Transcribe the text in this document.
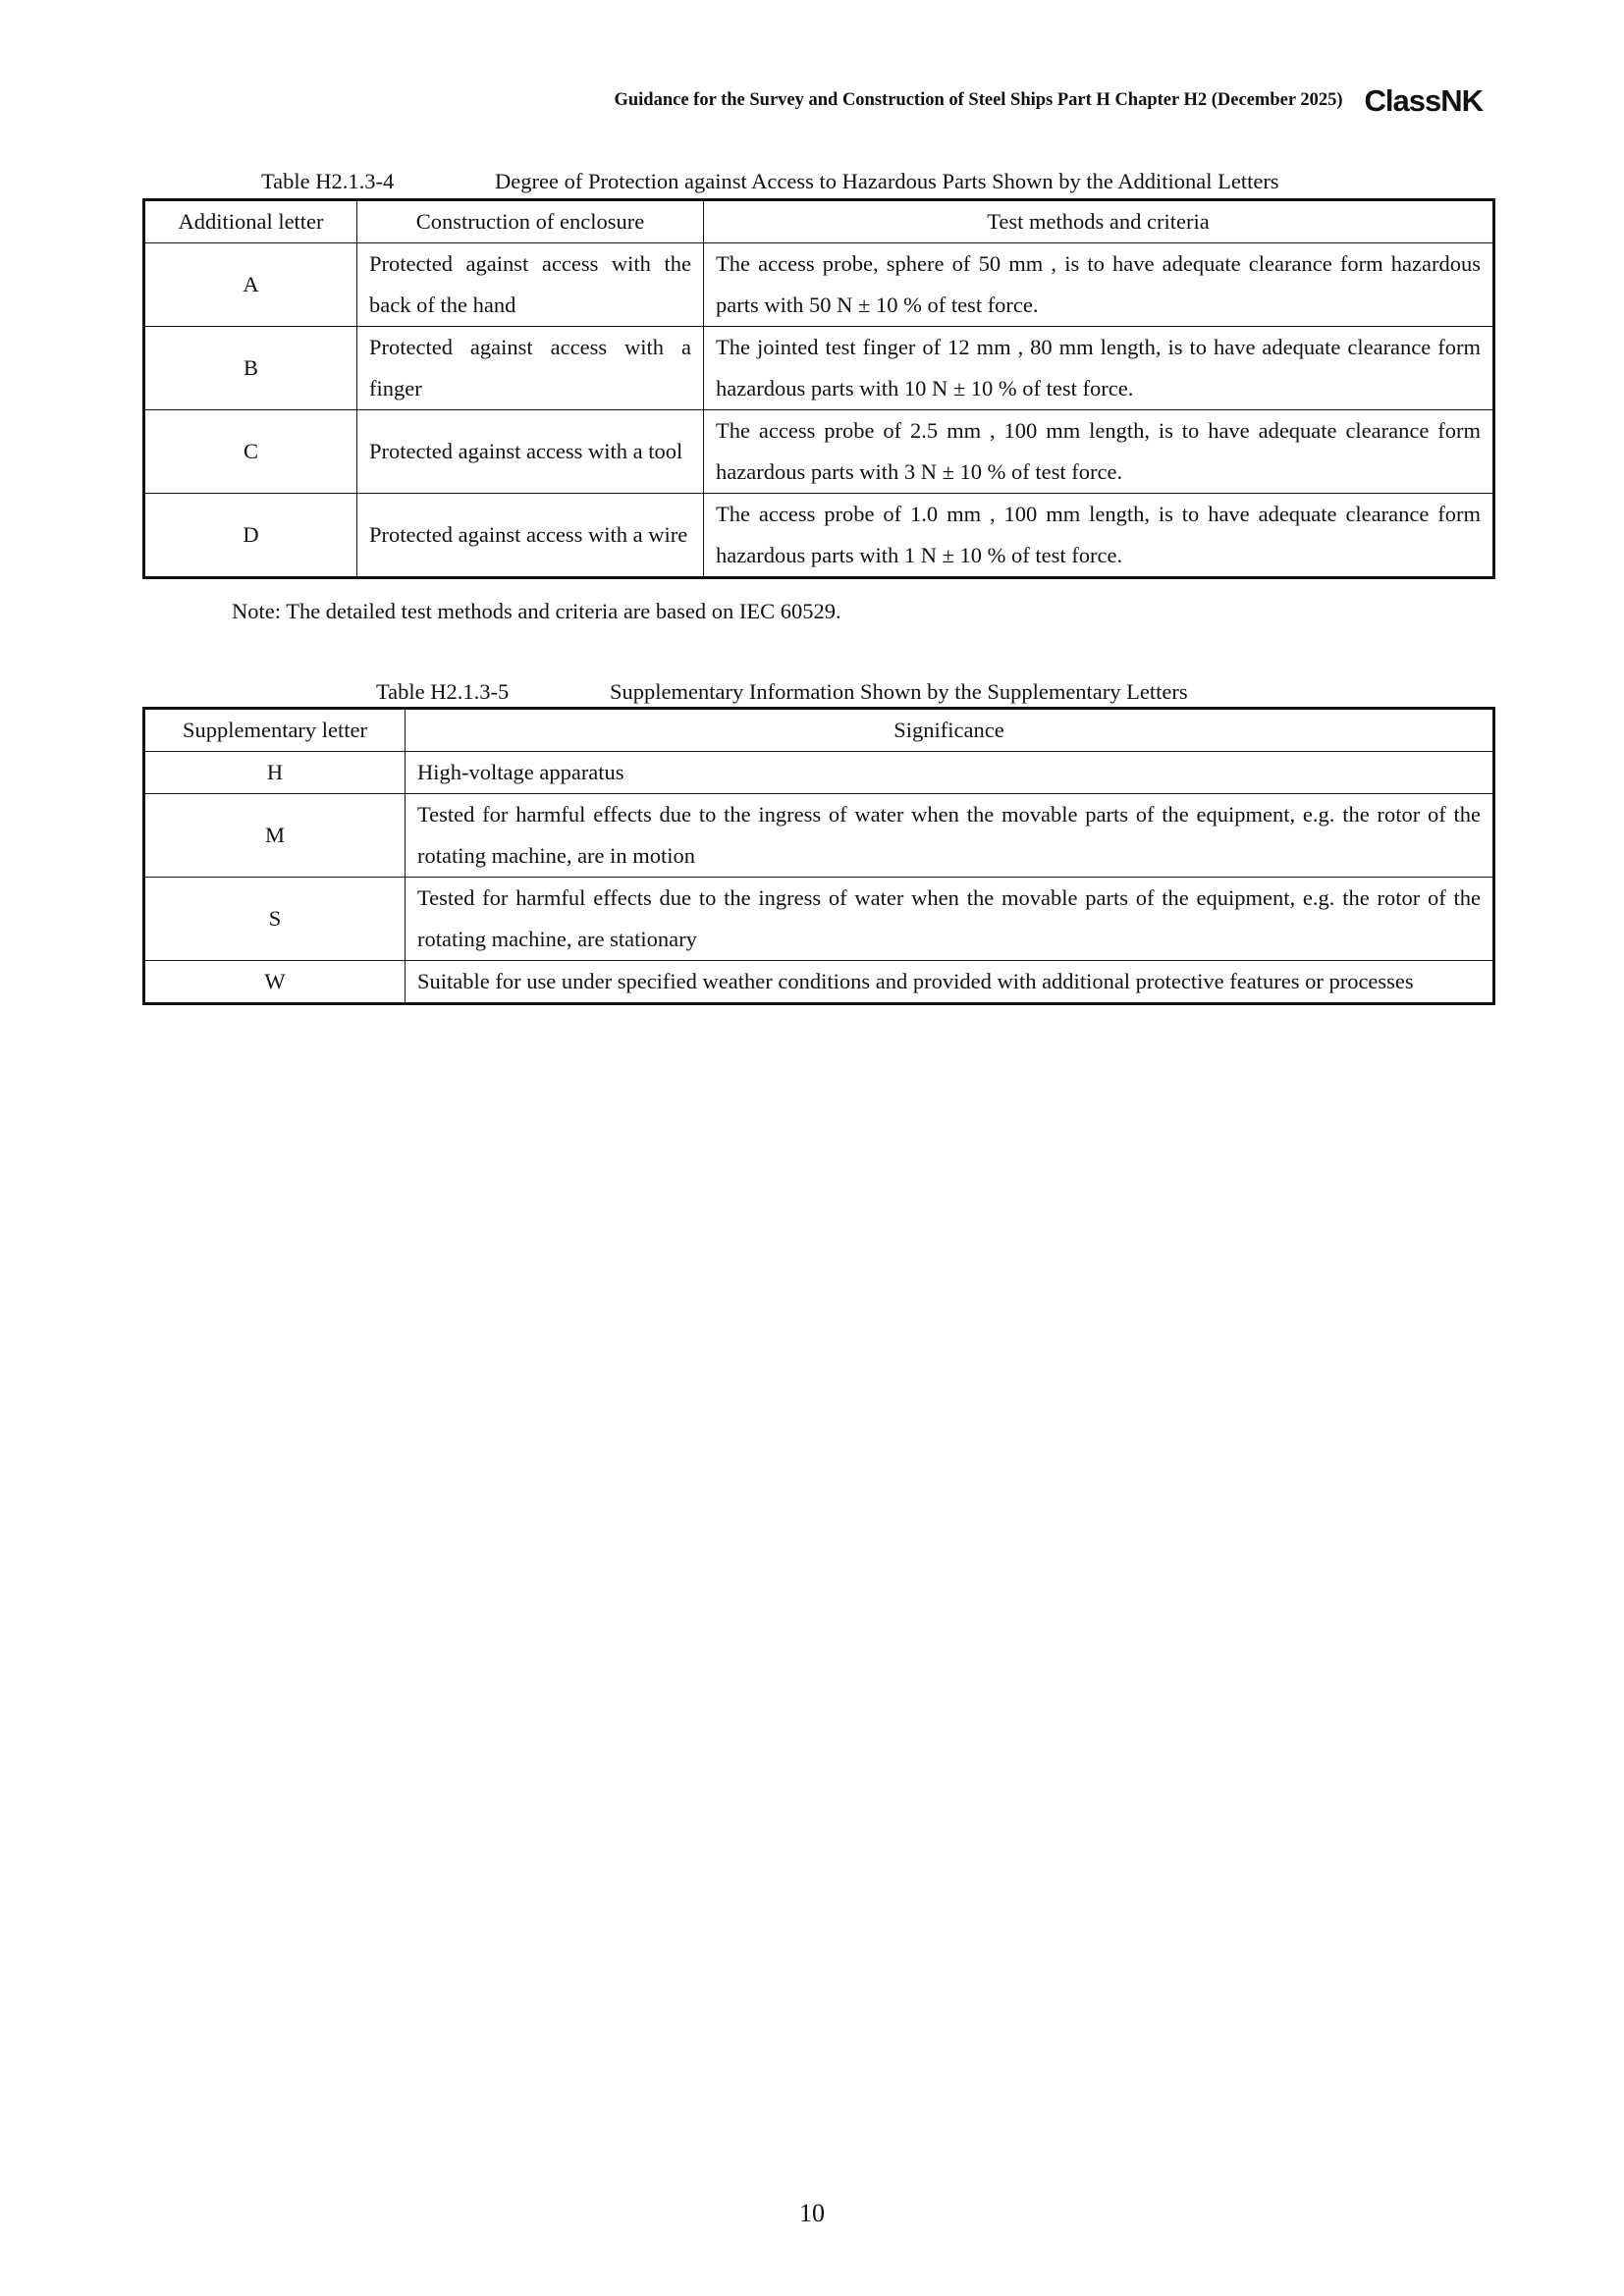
Guidance for the Survey and Construction of Steel Ships Part H Chapter H2 (December 2025) ClassNK
Table H2.1.3-4	Degree of Protection against Access to Hazardous Parts Shown by the Additional Letters
Additional letter	Construction of enclosure	Test methods and criteria
A	Protected against access with the back of the hand	The access probe, sphere of 50 mm , is to have adequate clearance form hazardous parts with 50 N ± 10 % of test force.
B	Protected against access with a finger	The jointed test finger of 12 mm , 80 mm length, is to have adequate clearance form hazardous parts with 10 N ± 10 % of test force.
C	Protected against access with a tool	The access probe of 2.5 mm , 100 mm length, is to have adequate clearance form hazardous parts with 3 N ± 10 % of test force.
D	Protected against access with a wire	The access probe of 1.0 mm , 100 mm length, is to have adequate clearance form hazardous parts with 1 N ± 10 % of test force.
Note: The detailed test methods and criteria are based on IEC 60529.
Table H2.1.3-5	Supplementary Information Shown by the Supplementary Letters
Supplementary letter	Significance
H	High-voltage apparatus
M	Tested for harmful effects due to the ingress of water when the movable parts of the equipment, e.g. the rotor of the rotating machine, are in motion
S	Tested for harmful effects due to the ingress of water when the movable parts of the equipment, e.g. the rotor of the rotating machine, are stationary
W	Suitable for use under specified weather conditions and provided with additional protective features or processes
10
